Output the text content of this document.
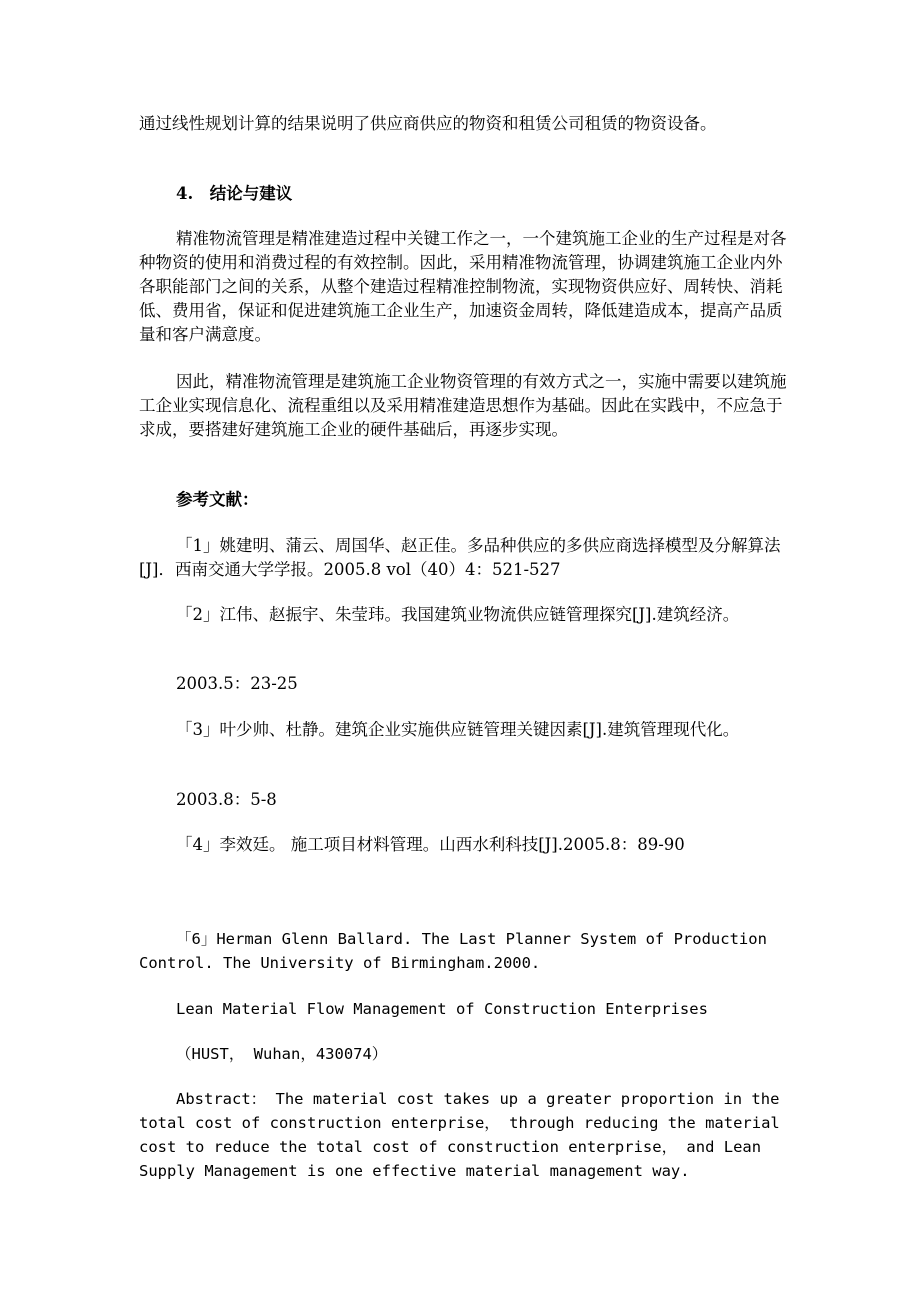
通过线性规划计算的结果说明了供应商供应的物资和租赁公司租赁的物资设备。

4.　结论与建议

精准物流管理是精准建造过程中关键工作之一，一个建筑施工企业的生产过程是对各种物资的使用和消费过程的有效控制。因此，采用精准物流管理，协调建筑施工企业内外各职能部门之间的关系，从整个建造过程精准控制物流，实现物资供应好、周转快、消耗低、费用省，保证和促进建筑施工企业生产，加速资金周转，降低建造成本，提高产品质量和客户满意度。

因此，精准物流管理是建筑施工企业物资管理的有效方式之一，实施中需要以建筑施工企业实现信息化、流程重组以及采用精准建造思想作为基础。因此在实践中，不应急于求成，要搭建好建筑施工企业的硬件基础后，再逐步实现。

参考文献：

「1」姚建明、蒲云、周国华、赵正佳。多品种供应的多供应商选择模型及分解算法[J]．西南交通大学学报。2005.8 vol（40）4：521-527

「2」江伟、赵振宇、朱莹玮。我国建筑业物流供应链管理探究[J].建筑经济。

2003.5：23-25

「3」叶少帅、杜静。建筑企业实施供应链管理关键因素[J].建筑管理现代化。

2003.8：5-8

「4」李效廷。 施工项目材料管理。山西水利科技[J].2005.8：89-90

「6」Herman Glenn Ballard. The Last Planner System of Production Control. The University of Birmingham.2000.

Lean Material Flow Management of Construction Enterprises

（HUST， Wuhan，430074）

Abstract： The material cost takes up a greater proportion in the total cost of construction enterprise， through reducing the material cost to reduce the total cost of construction enterprise， and Lean Supply Management is one effective material management way.
